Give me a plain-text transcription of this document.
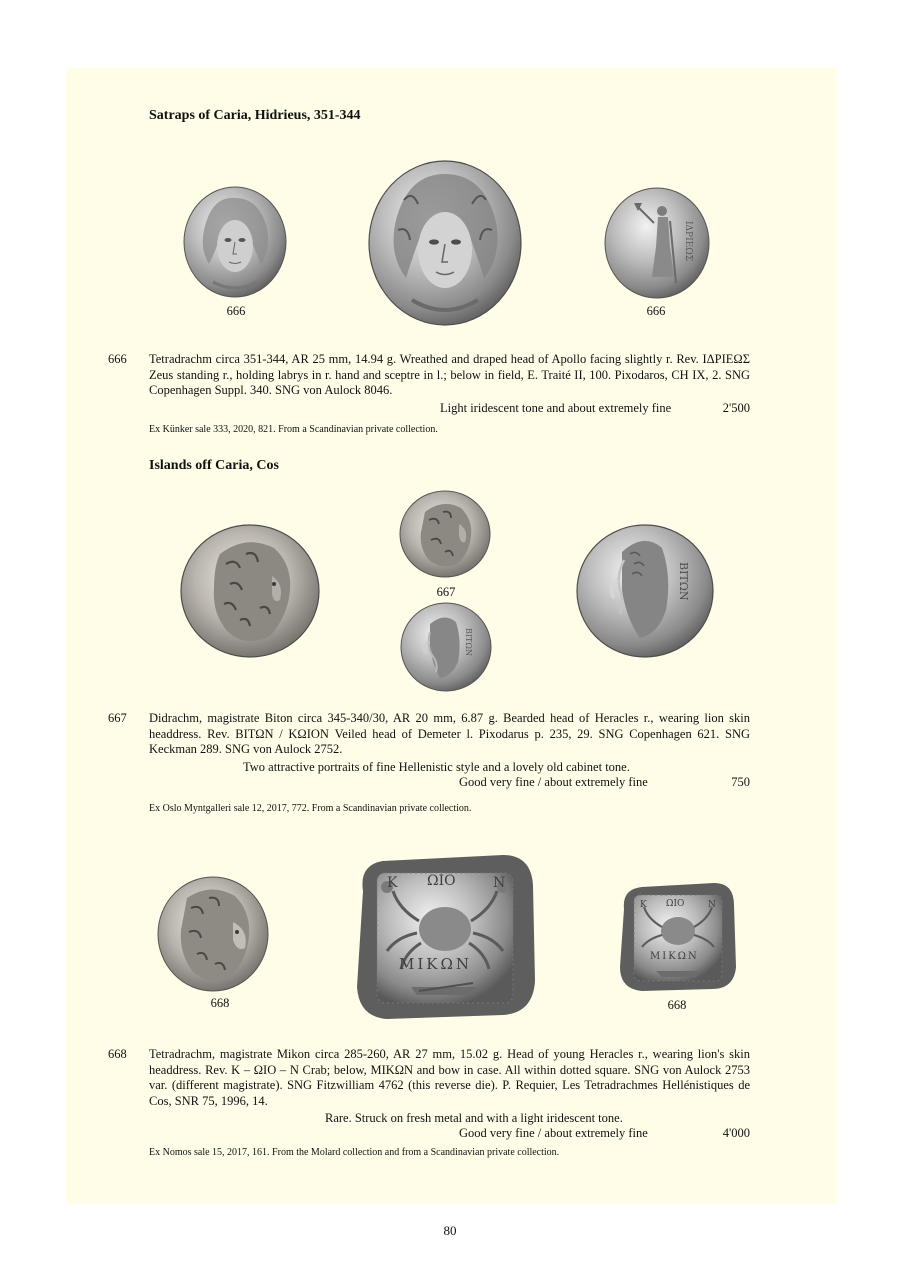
Satraps of Caria, Hidrieus, 351-344
ΙΔΡΙΕΩΣ
666	666
666 Tetradrachm circa 351-344, AR 25 mm, 14.94 g. Wreathed and draped head of Apollo facing slightly r. Rev. ΙΔΡΙΕΩΣ Zeus standing r., holding labrys in r. hand and sceptre in l.; below in field, E. Traité II, 100. Pixodaros, CH IX, 2. SNG Copenhagen Suppl. 340. SNG von Aulock 8046.
Light iridescent tone and about extremely fine	2'500
Ex Künker sale 333, 2020, 821. From a Scandinavian private collection.
Islands off Caria, Cos
667
ΒΙΤΩΝ
ΒΙΤΩΝ
667 Didrachm, magistrate Biton circa 345-340/30, AR 20 mm, 6.87 g. Bearded head of Heracles r., wearing lion skin headdress. Rev. ΒΙΤΩΝ / ΚΩΙΟΝ Veiled head of Demeter l. Pixodarus p. 235, 29. SNG Copenhagen 621. SNG Keckman 289. SNG von Aulock 2752.
Two attractive portraits of fine Hellenistic style and a lovely old cabinet tone.
Good very fine / about extremely fine	750
Ex Oslo Myntgalleri sale 12, 2017, 772. From a Scandinavian private collection.
Κ ΩΙΟ	Ν
ΜΙΚΩΝ
Κ ΩΙΟ	Ν
ΜΙΚΩΝ
668	668
668 Tetradrachm, magistrate Mikon circa 285-260, AR 27 mm, 15.02 g. Head of young Heracles r., wearing lion's skin headdress. Rev. Κ – ΩΙΟ – Ν Crab; below, ΜΙΚΩΝ and bow in case. All within dotted square. SNG von Aulock 2753 var. (different magistrate). SNG Fitzwilliam 4762 (this reverse die). P. Requier, Les Tetradrachmes Hellénistiques de Cos, SNR 75, 1996, 14.
Rare. Struck on fresh metal and with a light iridescent tone.
Good very fine / about extremely fine	4'000
Ex Nomos sale 15, 2017, 161. From the Molard collection and from a Scandinavian private collection.
80
